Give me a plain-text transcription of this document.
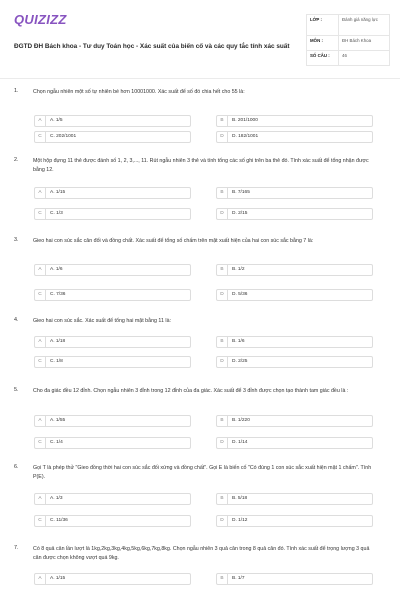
QUIZIZZ
ĐGTD ĐH Bách khoa - Tư duy Toán học - Xác suất của biến cố và các quy tắc tính xác suất
LỚP :	Đánh giá năng lực
MÔN :	ĐH Bách Khoa
SỐ CÂU :	46
1.	Chọn ngẫu nhiên một số tự nhiên bé hơn 10001000. Xác suất để số đó chia hết cho 55 là:
A	A. 1/5	B	B. 201/1000
C	C. 202/1001	D	D. 182/1001
2.	Một hộp đựng 11 thẻ được đánh số 1, 2, 3,..., 11. Rút ngẫu nhiên 3 thẻ và tính tổng các số ghi trên ba thẻ đó. Tính xác suất để tổng nhận được bằng 12.
A	A. 1/15	B	B. 7/165
C	C. 1/3	D	D. 2/15
3.	Gieo hai con súc sắc cân đối và đồng chất. Xác suất để tổng số chấm trên mặt xuất hiện của hai con súc sắc bằng 7 là:
A	A. 1/6	B	B. 1/2
C	C. 7/36	D	D. 5/36
4.	Gieo hai con súc sắc. Xác suất để tổng hai mặt bằng 11 là:
A	A. 1/18	B	B. 1/6
C	C. 1/8	D	D. 2/25
5.	Cho đa giác đều 12 đỉnh. Chọn ngẫu nhiên 3 đỉnh trong 12 đỉnh của đa giác. Xác suất để 3 đỉnh được chọn tạo thành tam giác đều là :
A	A. 1/55	B	B. 1/220
C	C. 1/4	D	D. 1/14
6.	Gọi T là phép thử "Gieo đồng thời hai con súc sắc đối xứng và đồng chất". Gọi E là biến cố "Có đúng 1 con súc sắc xuất hiện mặt 1 chấm". Tính P(E).
A	A. 1/3	B	B. 5/18
C	C. 11/36	D	D. 1/12
7.	Có 8 quả cân lần lượt là 1kg,2kg,3kg,4kg,5kg,6kg,7kg,8kg. Chọn ngẫu nhiên 3 quả cân trong 8 quả cân đó. Tính xác suất để trọng lượng 3 quả cân được chọn không vượt quá 9kg.
A	A. 1/15	B	B. 1/7
